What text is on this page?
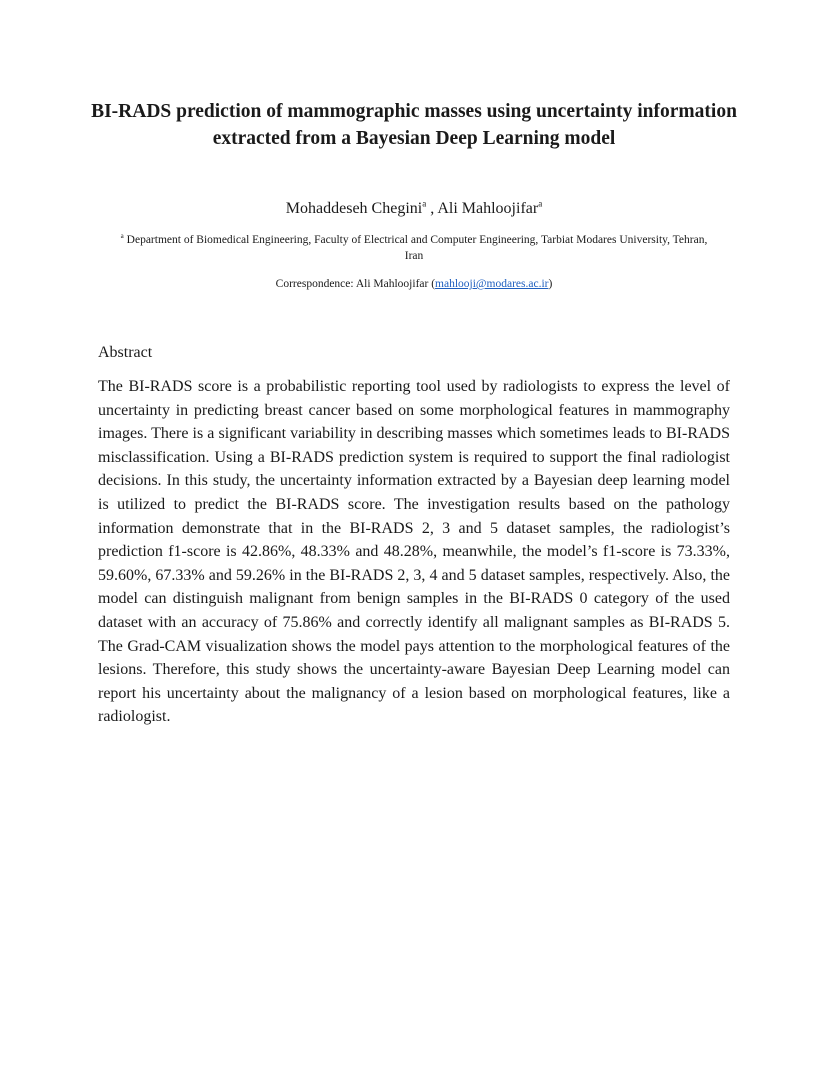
BI-RADS prediction of mammographic masses using uncertainty information extracted from a Bayesian Deep Learning model

Mohaddeseh Chegini$^a$ , Ali Mahloojifar$^a$

$^a$ Department of Biomedical Engineering, Faculty of Electrical and Computer Engineering, Tarbiat Modares University, Tehran, Iran

Correspondence: Ali Mahloojifar (mahlooji@modares.ac.ir)

Abstract

The BI-RADS score is a probabilistic reporting tool used by radiologists to express the level of uncertainty in predicting breast cancer based on some morphological features in mammography images. There is a significant variability in describing masses which sometimes leads to BI-RADS misclassification. Using a BI-RADS prediction system is required to support the final radiologist decisions. In this study, the uncertainty information extracted by a Bayesian deep learning model is utilized to predict the BI-RADS score. The investigation results based on the pathology information demonstrate that in the BI-RADS 2, 3 and 5 dataset samples, the radiologist’s prediction f1-score is 42.86%, 48.33% and 48.28%, meanwhile, the model’s f1-score is 73.33%, 59.60%, 67.33% and 59.26% in the BI-RADS 2, 3, 4 and 5 dataset samples, respectively. Also, the model can distinguish malignant from benign samples in the BI-RADS 0 category of the used dataset with an accuracy of 75.86% and correctly identify all malignant samples as BI-RADS 5. The Grad-CAM visualization shows the model pays attention to the morphological features of the lesions. Therefore, this study shows the uncertainty-aware Bayesian Deep Learning model can report his uncertainty about the malignancy of a lesion based on morphological features, like a radiologist.
